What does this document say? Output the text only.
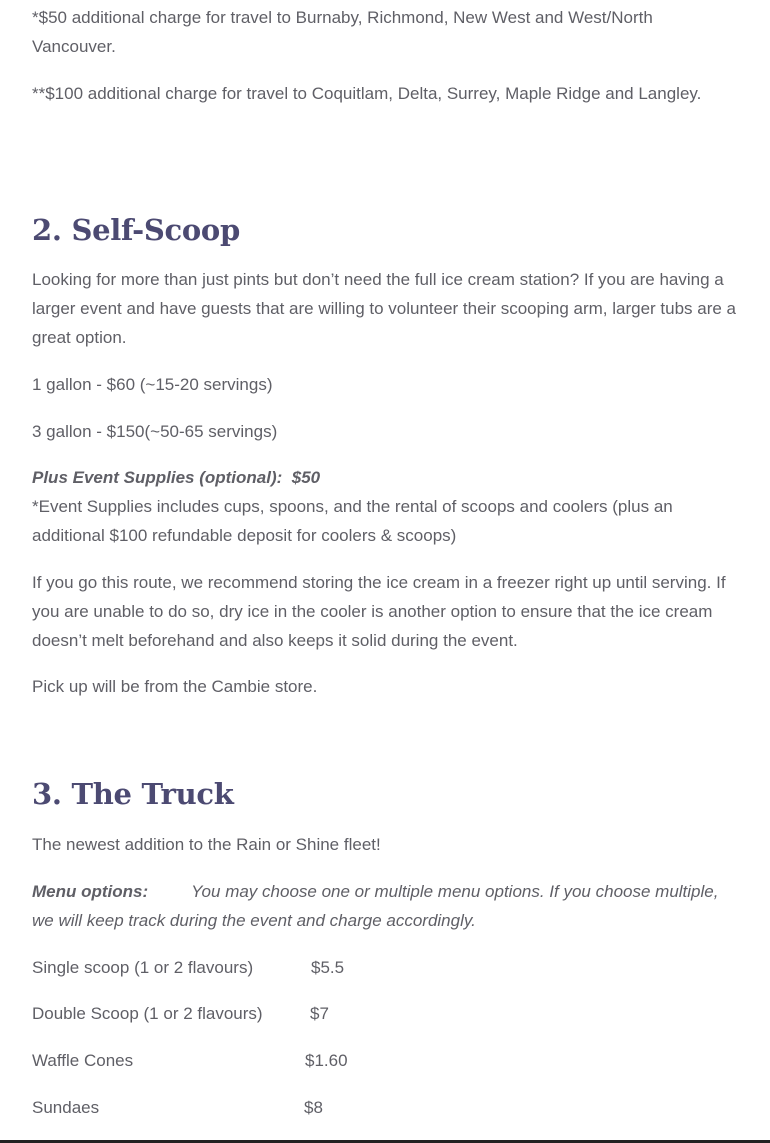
*$50 additional charge for travel to Burnaby, Richmond, New West and West/North Vancouver.

**$100 additional charge for travel to Coquitlam, Delta, Surrey, Maple Ridge and Langley.

2. Self-Scoop

Looking for more than just pints but don’t need the full ice cream station? If you are having a larger event and have guests that are willing to volunteer their scooping arm, larger tubs are a great option.

1 gallon - $60 (~15-20 servings)

3 gallon - $150(~50-65 servings)

Plus Event Supplies (optional):  $50

*Event Supplies includes cups, spoons, and the rental of scoops and coolers (plus an additional $100 refundable deposit for coolers & scoops)

If you go this route, we recommend storing the ice cream in a freezer right up until serving. If you are unable to do so, dry ice in the cooler is another option to ensure that the ice cream doesn’t melt beforehand and also keeps it solid during the event.

Pick up will be from the Cambie store.

3. The Truck

The newest addition to the Rain or Shine fleet!

Menu options:	You may choose one or multiple menu options. If you choose multiple, we will keep track during the event and charge accordingly.

Single scoop (1 or 2 flavours)	$5.5

Double Scoop (1 or 2 flavours)	$7

Waffle Cones	$1.60

Sundaes	$8
